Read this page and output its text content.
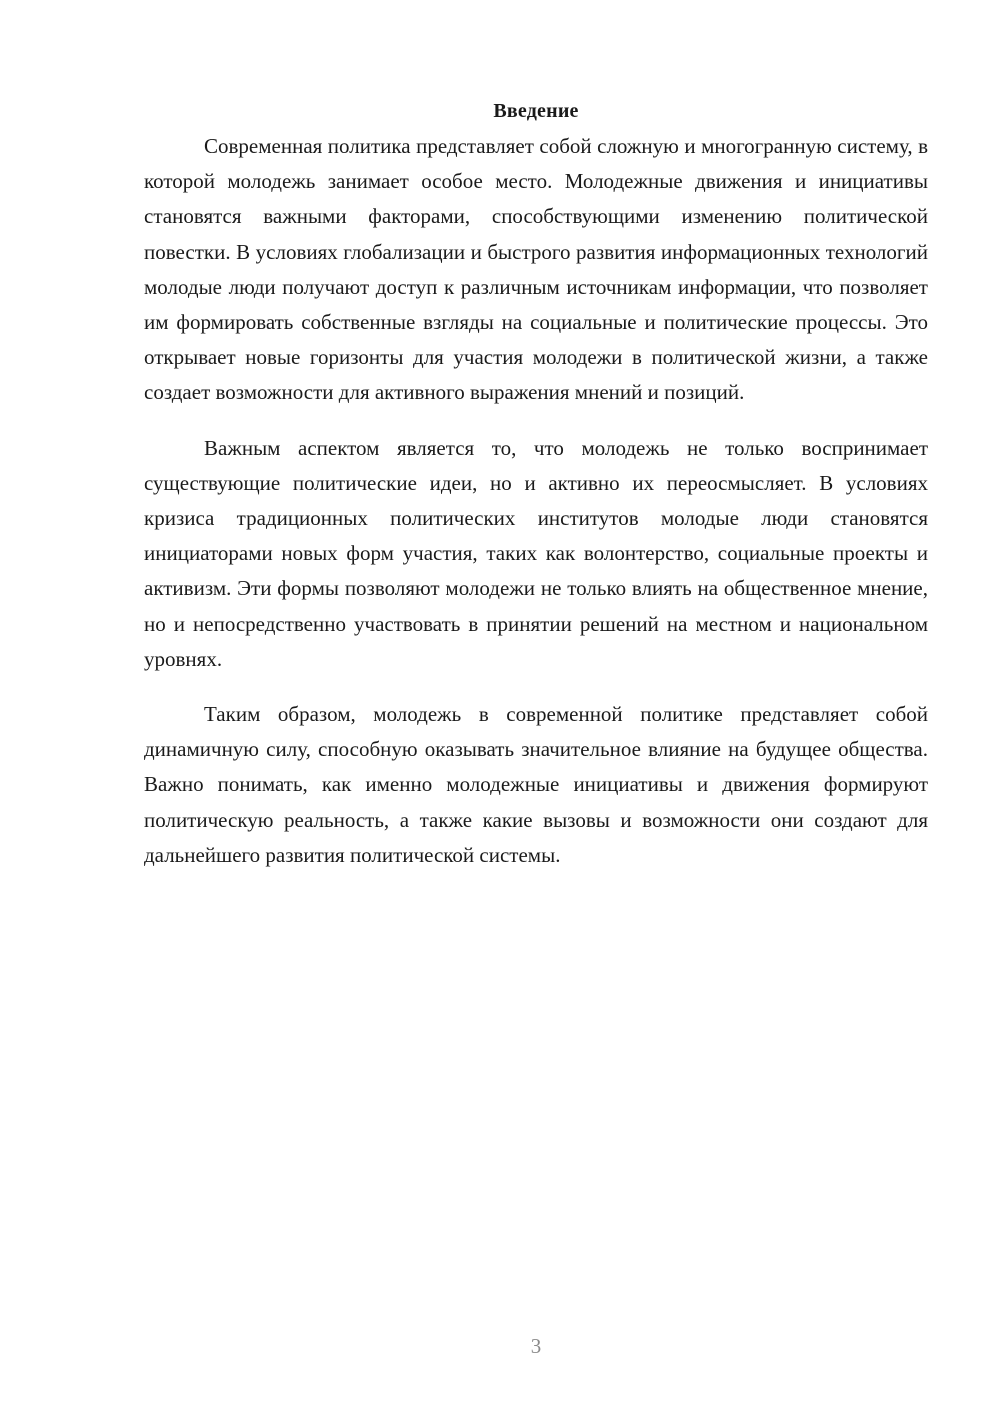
Введение

Современная политика представляет собой сложную и многогранную систему, в которой молодежь занимает особое место. Молодежные движения и инициативы становятся важными факторами, способствующими изменению политической повестки. В условиях глобализации и быстрого развития информационных технологий молодые люди получают доступ к различным источникам информации, что позволяет им формировать собственные взгляды на социальные и политические процессы. Это открывает новые горизонты для участия молодежи в политической жизни, а также создает возможности для активного выражения мнений и позиций.

Важным аспектом является то, что молодежь не только воспринимает существующие политические идеи, но и активно их переосмысляет. В условиях кризиса традиционных политических институтов молодые люди становятся инициаторами новых форм участия, таких как волонтерство, социальные проекты и активизм. Эти формы позволяют молодежи не только влиять на общественное мнение, но и непосредственно участвовать в принятии решений на местном и национальном уровнях.

Таким образом, молодежь в современной политике представляет собой динамичную силу, способную оказывать значительное влияние на будущее общества. Важно понимать, как именно молодежные инициативы и движения формируют политическую реальность, а также какие вызовы и возможности они создают для дальнейшего развития политической системы.

3
